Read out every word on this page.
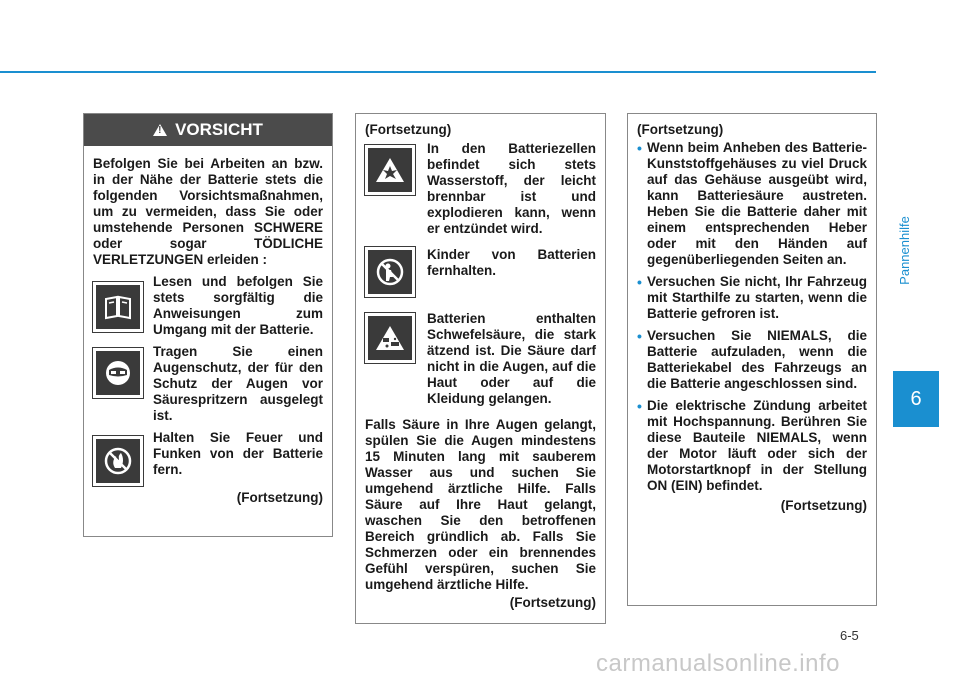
Pannenhilfe
6
!
VORSICHT
Befolgen Sie bei Arbeiten an bzw. in der Nähe der Batterie stets die folgenden Vorsichtsmaßnahmen, um zu vermeiden, dass Sie oder umstehende Personen SCHWERE oder sogar TÖDLICHE VERLETZUNGEN erleiden :
Lesen und befolgen Sie stets sorgfältig die Anweisungen zum Umgang mit der Batterie.
Tragen Sie einen Augenschutz, der für den Schutz der Augen vor Säurespritzern ausgelegt ist.
Halten Sie Feuer und Funken von der Batterie fern.
(Fortsetzung)
(Fortsetzung)
In den Batteriezellen befindet sich stets Wasserstoff, der leicht brennbar ist und explodieren kann, wenn er entzündet wird.
Kinder von Batterien fernhalten.
Batterien enthalten Schwefelsäure, die stark ätzend ist. Die Säure darf nicht in die Augen, auf die Haut oder auf die Kleidung gelangen.
Falls Säure in Ihre Augen gelangt, spülen Sie die Augen mindestens 15 Minuten lang mit sauberem Wasser aus und suchen Sie umgehend ärztliche Hilfe. Falls Säure auf Ihre Haut gelangt, waschen Sie den betroffenen Bereich gründlich ab. Falls Sie Schmerzen oder ein brennendes Gefühl verspüren, suchen Sie umgehend ärztliche Hilfe.
(Fortsetzung)
(Fortsetzung)
• Wenn beim Anheben des Batterie-Kunststoffgehäuses zu viel Druck auf das Gehäuse ausgeübt wird, kann Batteriesäure austreten. Heben Sie die Batterie daher mit einem entsprechenden Heber oder mit den Händen auf gegenüberliegenden Seiten an.
• Versuchen Sie nicht, Ihr Fahrzeug mit Starthilfe zu starten, wenn die Batterie gefroren ist.
• Versuchen Sie NIEMALS, die Batterie aufzuladen, wenn die Batteriekabel des Fahrzeugs an die Batterie angeschlossen sind.
• Die elektrische Zündung arbeitet mit Hochspannung. Berühren Sie diese Bauteile NIEMALS, wenn der Motor läuft oder sich der Motorstartknopf in der Stellung ON (EIN) befindet.
(Fortsetzung)
6-5
carmanualsonline.info
